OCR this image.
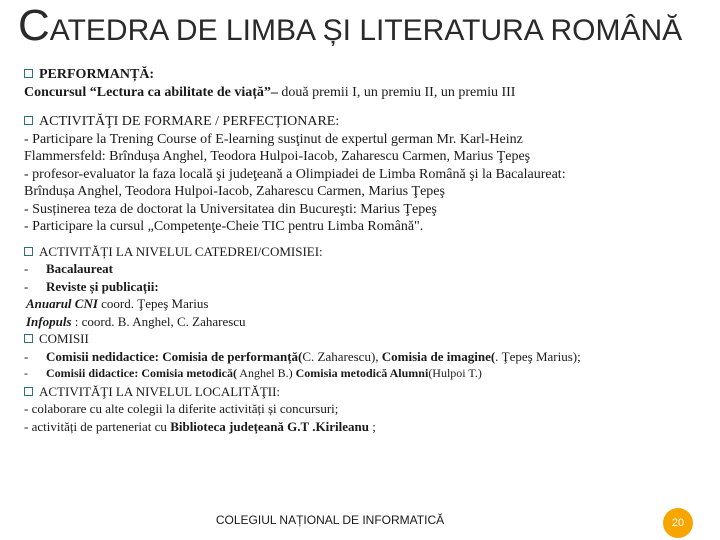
CATEDRA DE LIMBA ȘI LITERATURA ROMÂNĂ
PERFORMANȚĂ:
Concursul “Lectura ca abilitate de viață”– două premii I, un premiu II, un premiu III
ACTIVITĂŢI DE FORMARE / PERFECȚIONARE:
- Participare la Trening Course of E-learning susţinut de expertul german Mr. Karl-Heinz
Flammersfeld: Brîndușa Anghel, Teodora Hulpoi-Iacob, Zaharescu Carmen, Marius Ţepeş
- profesor-evaluator la faza locală şi judeţeană a Olimpiadei de Limba Română şi la Bacalaureat:
Brîndușa Anghel, Teodora Hulpoi-Iacob, Zaharescu Carmen, Marius Ţepeş
- Susținerea teza de doctorat la Universitatea din Bucureşti: Marius Ţepeş
- Participare la cursul „Competenţe-Cheie TIC pentru Limba Română".
ACTIVITĂȚI LA NIVELUL CATEDREI/COMISIEI:
- Bacalaureat
- Reviste și publicații:
Anuarul CNI coord. Ţepeş Marius
Infopuls : coord. B. Anghel, C. Zaharescu
COMISII
- Comisii nedidactice: Comisia de performanță(C. Zaharescu), Comisia de imagine(. Ţepeş Marius);
- Comisii didactice: Comisia metodică( Anghel B.) Comisia metodică Alumni(Hulpoi T.)
ACTIVITĂŢI LA NIVELUL LOCALITĂŢII:
- colaborare cu alte colegii la diferite activități și concursuri;
- activități de parteneriat cu Biblioteca județeană G.T .Kirileanu ;
COLEGIUL NAȚIONAL DE INFORMATICĂ	20
